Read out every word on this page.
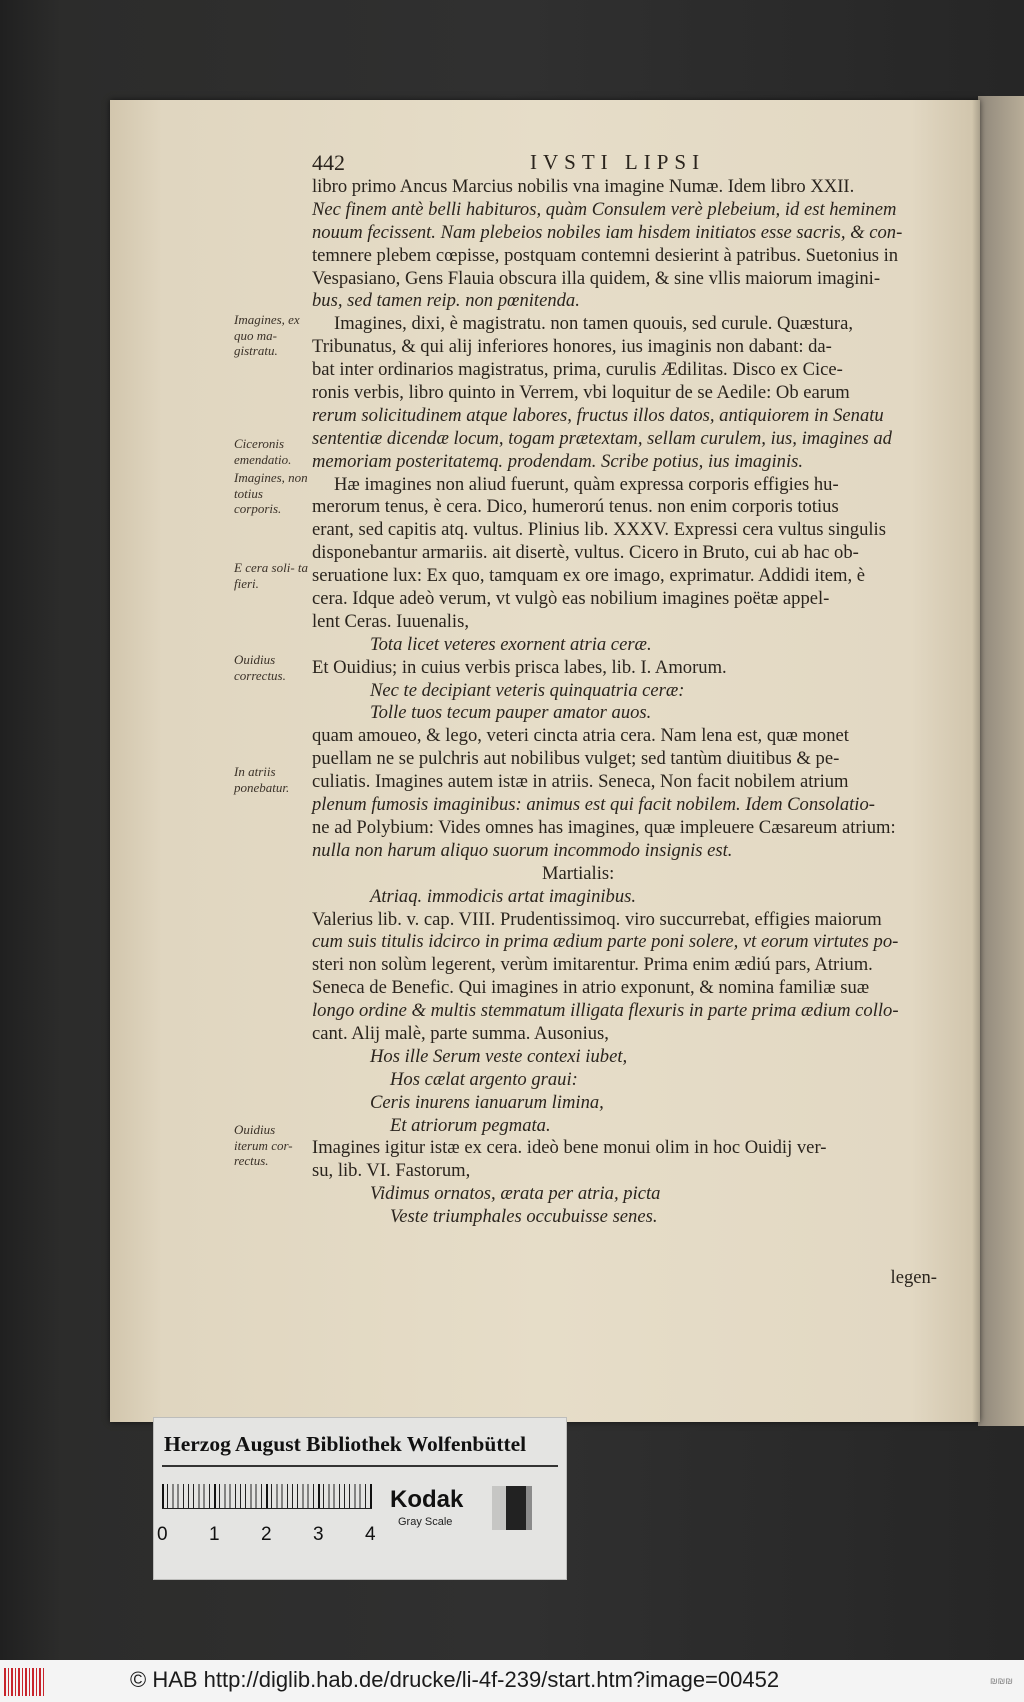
442	IVSTI LIPSI
libro primo Ancus Marcius nobilis vna imagine Numæ. Idem libro XXII.
Nec finem antè belli habituros, quàm Consulem verè plebeium, id est heminem
nouum fecissent. Nam plebeios nobiles iam hisdem initiatos esse sacris, & con-
temnere plebem cœpisse, postquam contemni desierint à patribus. Suetonius in
Vespasiano, Gens Flauia obscura illa quidem, & sine vllis maiorum imagini-
bus, sed tamen reip. non pœnitenda.
Imagines, dixi, è magistratu. non tamen quouis, sed curule. Quæstura,
Tribunatus, & qui alij inferiores honores, ius imaginis non dabant: da-
bat inter ordinarios magistratus, prima, curulis Ædilitas. Disco ex Cice-
ronis verbis, libro quinto in Verrem, vbi loquitur de se Aedile: Ob earum
rerum solicitudinem atque labores, fructus illos datos, antiquiorem in Senatu
sententiæ dicendæ locum, togam prætextam, sellam curulem, ius, imagines ad
memoriam posteritatemq. prodendam. Scribe potius, ius imaginis.
Hæ imagines non aliud fuerunt, quàm expressa corporis effigies hu-
merorum tenus, è cera. Dico, humerorú tenus. non enim corporis totius
erant, sed capitis atq. vultus. Plinius lib. XXXV. Expressi cera vultus singulis
disponebantur armariis. ait disertè, vultus. Cicero in Bruto, cui ab hac ob-
seruatione lux: Ex quo, tamquam ex ore imago, exprimatur. Addidi item, è
cera. Idque adeò verum, vt vulgò eas nobilium imagines poëtæ appel-
lent Ceras. Iuuenalis,
Tota licet veteres exornent atria ceræ.
Et Ouidius; in cuius verbis prisca labes, lib. I. Amorum.
Nec te decipiant veteris quinquatria ceræ:
Tolle tuos tecum pauper amator auos.
quam amoueo, & lego, veteri cincta atria cera. Nam lena est, quæ monet
puellam ne se pulchris aut nobilibus vulget; sed tantùm diuitibus & pe-
culiatis. Imagines autem istæ in atriis. Seneca, Non facit nobilem atrium
plenum fumosis imaginibus: animus est qui facit nobilem. Idem Consolatio-
ne ad Polybium: Vides omnes has imagines, quæ impleuere Cæsareum atrium:
nulla non harum aliquo suorum incommodo insignis est.
Martialis:
Atriaq. immodicis artat imaginibus.
Valerius lib. v. cap. VIII. Prudentissimoq. viro succurrebat, effigies maiorum
cum suis titulis idcirco in prima ædium parte poni solere, vt eorum virtutes po-
steri non solùm legerent, verùm imitarentur. Prima enim ædiú pars, Atrium.
Seneca de Benefic. Qui imagines in atrio exponunt, & nomina familiæ suæ
longo ordine & multis stemmatum illigata flexuris in parte prima ædium collo-
cant. Alij malè, parte summa. Ausonius,
Hos ille Serum veste contexi iubet,
Hos cælat argento graui:
Ceris inurens ianuarum limina,
Et atriorum pegmata.
Imagines igitur istæ ex cera. ideò bene monui olim in hoc Ouidij ver-
su, lib. VI. Fastorum,
Vidimus ornatos, ærata per atria, picta
Veste triumphales occubuisse senes.
legen-
Imagines, ex quo ma- gistratu.
Ciceronis emendatio.
Imagines, non totius corporis.
E cera soli- ta fieri.
Ouidius correctus.
In atriis ponebatur.
Ouidius iterum cor- rectus.
Herzog August Bibliothek Wolfenbüttel
0 1 2 3 4
Kodak
Gray Scale
© HAB http://diglib.hab.de/drucke/li-4f-239/start.htm?image=00452	₪₪₪
